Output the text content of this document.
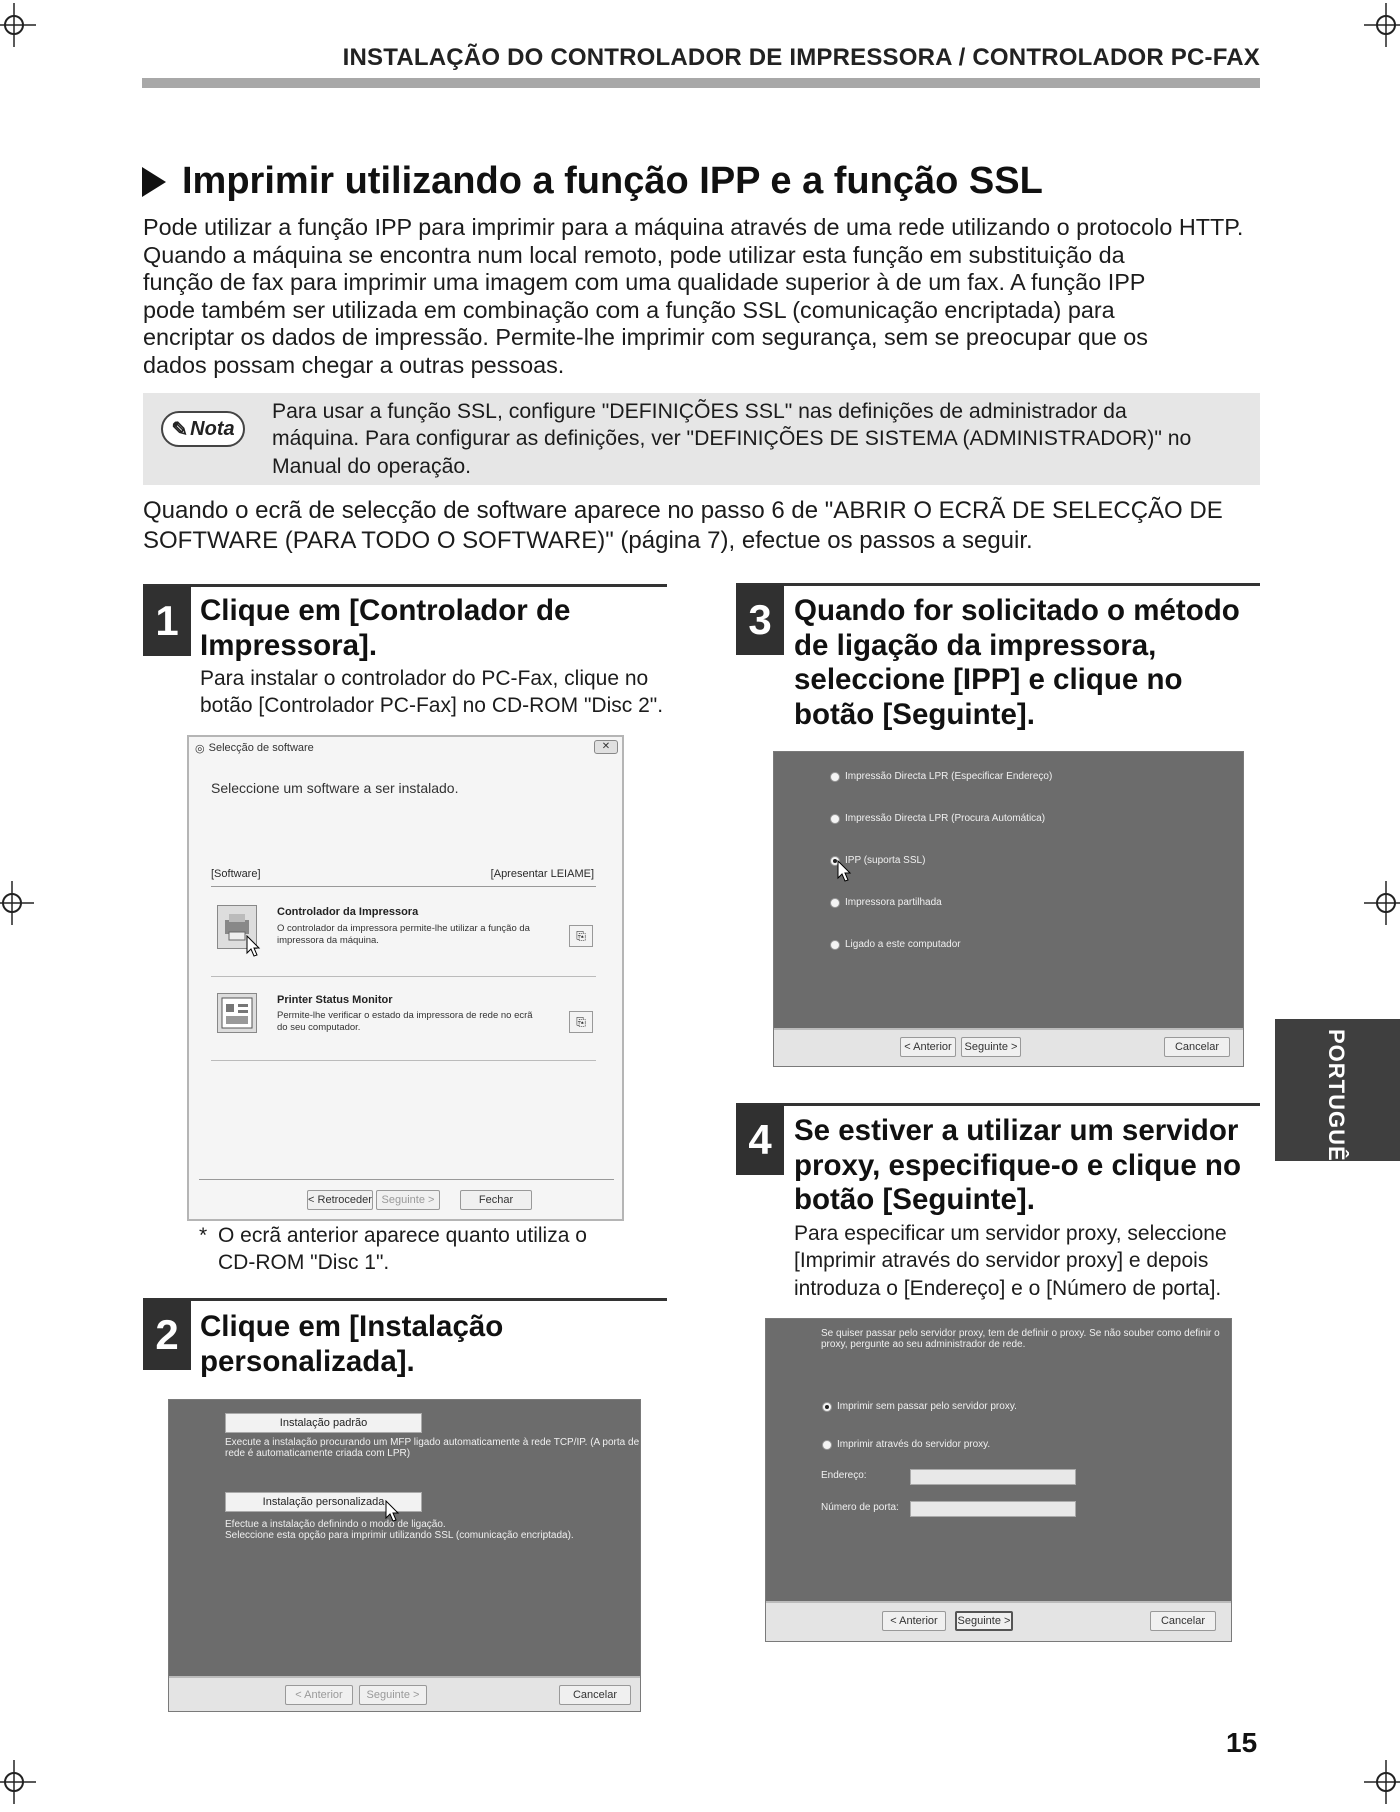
INSTALAÇÃO DO CONTROLADOR DE IMPRESSORA / CONTROLADOR PC-FAX
Imprimir utilizando a função IPP e a função SSL
Pode utilizar a função IPP para imprimir para a máquina através de uma rede utilizando o protocolo HTTP.
Quando a máquina se encontra num local remoto, pode utilizar esta função em substituição da
função de fax para imprimir uma imagem com uma qualidade superior à de um fax. A função IPP
pode também ser utilizada em combinação com a função SSL (comunicação encriptada) para
encriptar os dados de impressão. Permite-lhe imprimir com segurança, sem se preocupar que os
dados possam chegar a outras pessoas.
✎ Nota
Para usar a função SSL, configure "DEFINIÇÕES SSL" nas definições de administrador da
máquina. Para configurar as definições, ver "DEFINIÇÕES DE SISTEMA (ADMINISTRADOR)" no
Manual do operação.
Quando o ecrã de selecção de software aparece no passo 6 de "ABRIR O ECRÃ DE SELECÇÃO DE
SOFTWARE (PARA TODO O SOFTWARE)" (página 7), efectue os passos a seguir.
1 Clique em [Controlador de
Impressora].
Para instalar o controlador do PC-Fax, clique no
botão [Controlador PC-Fax] no CD-ROM "Disc 2".
◎ Selecção de software	✕
Seleccione um software a ser instalado.
[Software]	[Apresentar LEIAME]
Controlador da Impressora
O controlador da impressora permite-lhe utilizar a função da
impressora da máquina.	⎘
Printer Status Monitor
Permite-lhe verificar o estado da impressora de rede no ecrã
do seu computador.	⎘
< Retroceder Seguinte >	Fechar
* O ecrã anterior aparece quanto utiliza o
CD-ROM "Disc 1".
2 Clique em [Instalação
personalizada].
Instalação padrão
Execute a instalação procurando um MFP ligado automaticamente à rede TCP/IP. (A porta de
rede é automaticamente criada com LPR)
Instalação personalizada
Efectue a instalação definindo o modo de ligação.
Seleccione esta opção para imprimir utilizando SSL (comunicação encriptada).
< Anterior	Seguinte >	Cancelar
3 Quando for solicitado o método
de ligação da impressora,
seleccione [IPP] e clique no
botão [Seguinte].
Impressão Directa LPR (Especificar Endereço)
Impressão Directa LPR (Procura Automática)
IPP (suporta SSL)
Impressora partilhada
Ligado a este computador
< Anterior	Seguinte >	Cancelar
4 Se estiver a utilizar um servidor
proxy, especifique-o e clique no
botão [Seguinte].
Para especificar um servidor proxy, seleccione
[Imprimir através do servidor proxy] e depois
introduza o [Endereço] e o [Número de porta].
Se quiser passar pelo servidor proxy, tem de definir o proxy. Se não souber como definir o
proxy, pergunte ao seu administrador de rede.
Imprimir sem passar pelo servidor proxy.
Imprimir através do servidor proxy.
Endereço:
Número de porta:
< Anterior	Seguinte >	Cancelar
PORTUGUÊS
15
